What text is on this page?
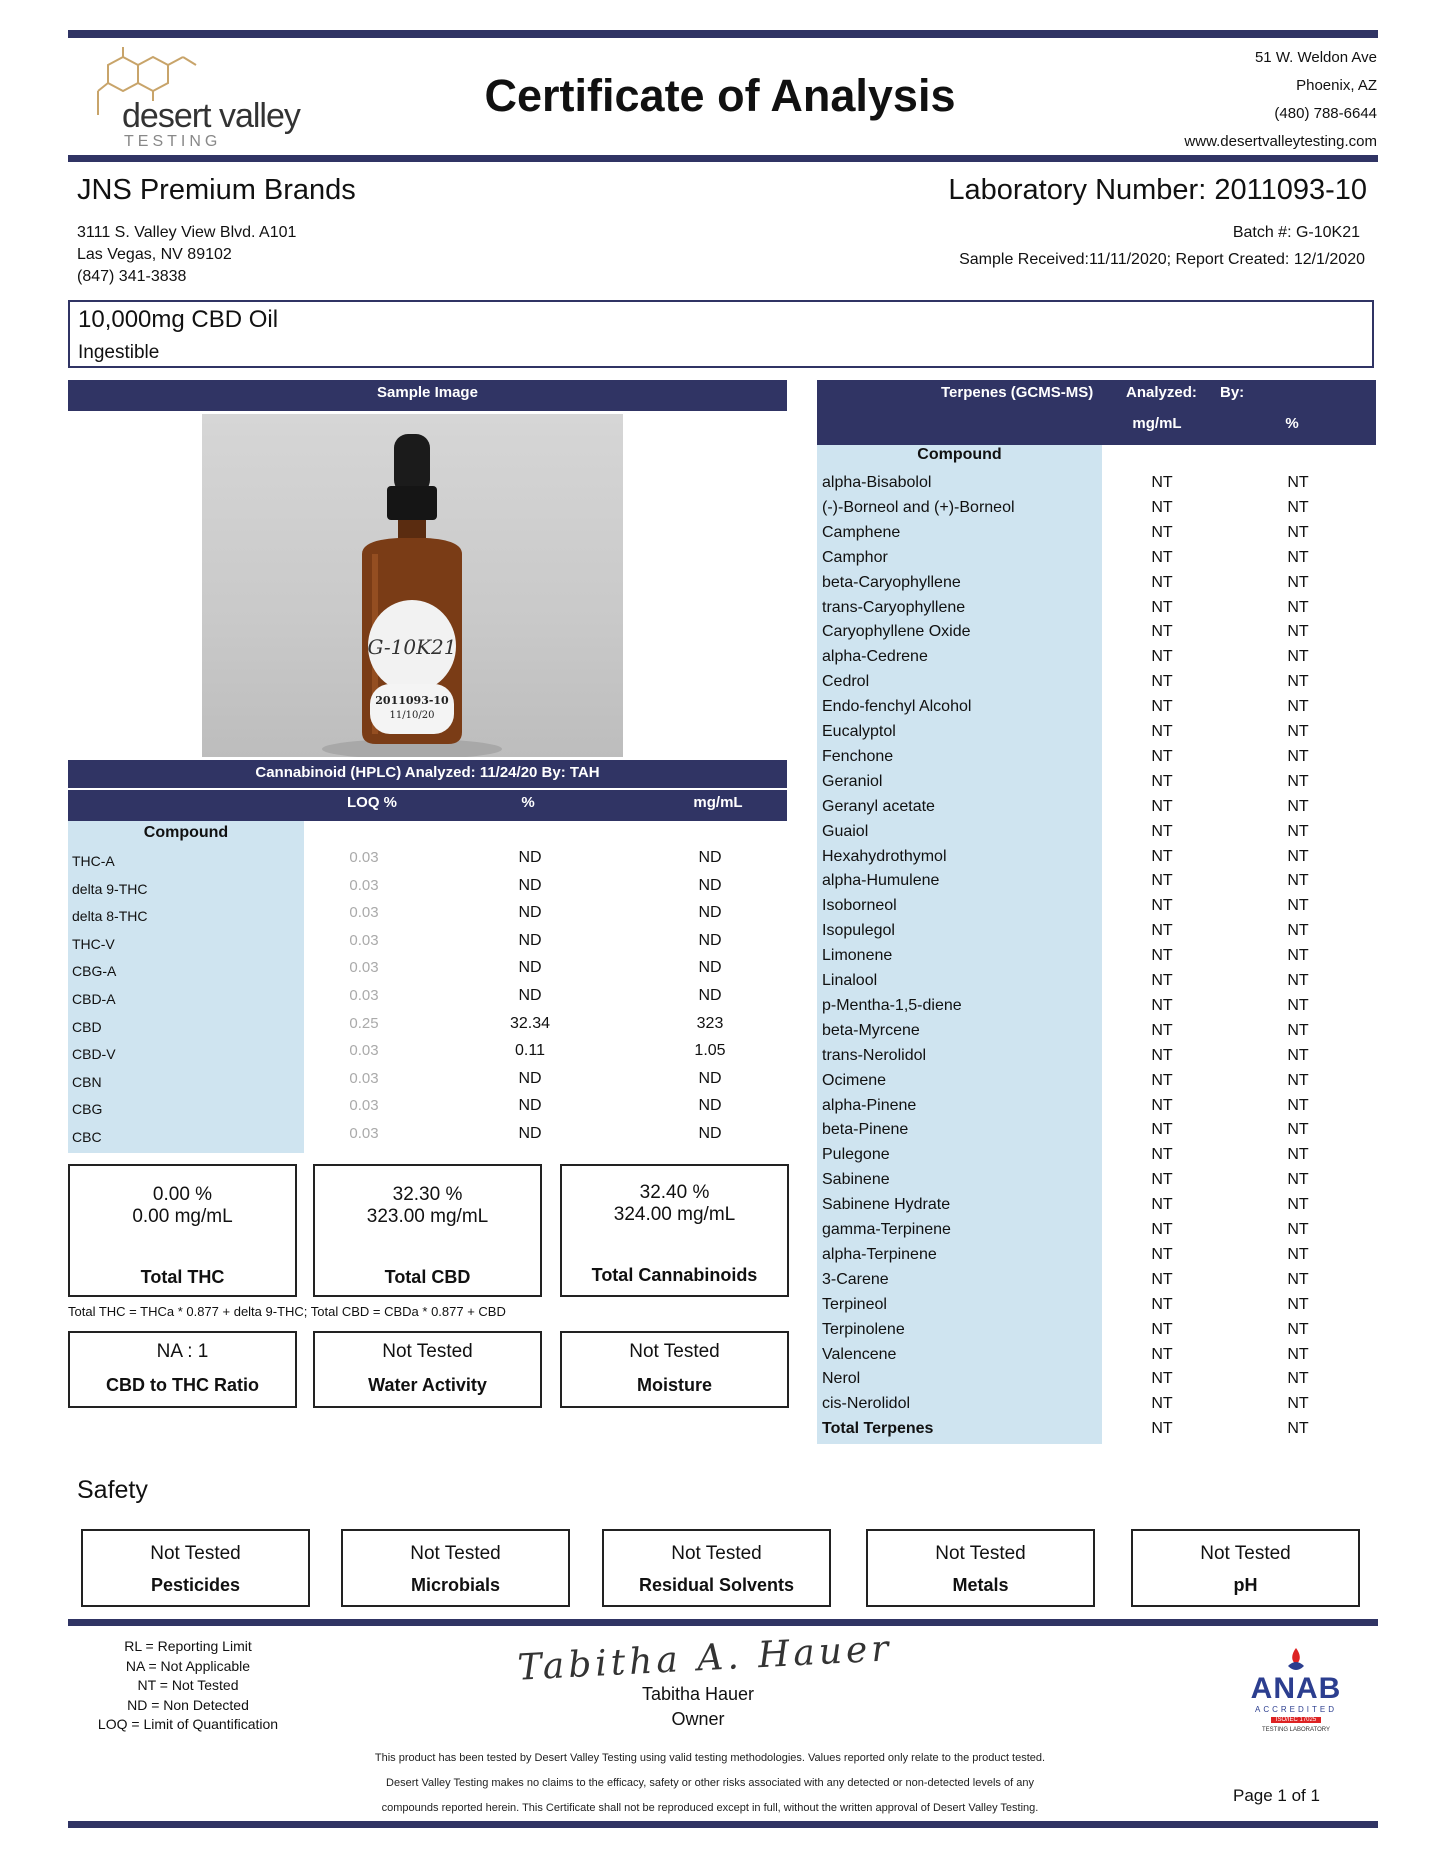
desert valley
TESTING
Certificate of Analysis
51 W. Weldon Ave
Phoenix, AZ
(480) 788-6644
www.desertvalleytesting.com
JNS Premium Brands
3111 S. Valley View Blvd. A101
Las Vegas, NV 89102
(847) 341-3838
Laboratory Number: 2011093-10
Batch #: G-10K21
Sample Received:11/11/2020; Report Created: 12/1/2020
10,000mg CBD Oil
Ingestible
Sample Image
G-10K21
2011093-10
11/10/20
Cannabinoid (HPLC) Analyzed: 11/24/20 By: TAH
LOQ %	%	mg/mL
Compound
THC-A	0.03	ND	ND
delta 9-THC	0.03	ND	ND
delta 8-THC	0.03	ND	ND
THC-V	0.03	ND	ND
CBG-A	0.03	ND	ND
CBD-A	0.03	ND	ND
CBD	0.25	32.34	323
CBD-V	0.03	0.11	1.05
CBN	0.03	ND	ND
CBG	0.03	ND	ND
CBC	0.03	ND	ND
0.00 %
0.00 mg/mL
Total THC
32.30 %
323.00 mg/mL
Total CBD
32.40 %
324.00 mg/mL
Total Cannabinoids
Total THC = THCa * 0.877 + delta 9-THC; Total CBD = CBDa * 0.877 + CBD
NA : 1
CBD to THC Ratio
Not Tested
Water Activity
Not Tested
Moisture
Terpenes (GCMS-MS) Analyzed: By:
mg/mL	%
Compound
alpha-Bisabolol	NT	NT
(-)-Borneol and (+)-Borneol	NT	NT
Camphene	NT	NT
Camphor	NT	NT
beta-Caryophyllene	NT	NT
trans-Caryophyllene	NT	NT
Caryophyllene Oxide	NT	NT
alpha-Cedrene	NT	NT
Cedrol	NT	NT
Endo-fenchyl Alcohol	NT	NT
Eucalyptol	NT	NT
Fenchone	NT	NT
Geraniol	NT	NT
Geranyl acetate	NT	NT
Guaiol	NT	NT
Hexahydrothymol	NT	NT
alpha-Humulene	NT	NT
Isoborneol	NT	NT
Isopulegol	NT	NT
Limonene	NT	NT
Linalool	NT	NT
p-Mentha-1,5-diene	NT	NT
beta-Myrcene	NT	NT
trans-Nerolidol	NT	NT
Ocimene	NT	NT
alpha-Pinene	NT	NT
beta-Pinene	NT	NT
Pulegone	NT	NT
Sabinene	NT	NT
Sabinene Hydrate	NT	NT
gamma-Terpinene	NT	NT
alpha-Terpinene	NT	NT
3-Carene	NT	NT
Terpineol	NT	NT
Terpinolene	NT	NT
Valencene	NT	NT
Nerol	NT	NT
cis-Nerolidol	NT	NT
Total Terpenes	NT	NT
Safety
Not Tested
Pesticides
Not Tested
Microbials
Not Tested
Residual Solvents
Not Tested
Metals
Not Tested
pH
RL = Reporting Limit
NA = Not Applicable
NT = Not Tested
ND = Non Detected
LOQ = Limit of Quantification
Tabitha A. Hauer
Tabitha Hauer
Owner
ANAB
ACCREDITED
ISO/IEC 17025
TESTING LABORATORY
This product has been tested by Desert Valley Testing using valid testing methodologies. Values reported only relate to the product tested.
Desert Valley Testing makes no claims to the efficacy, safety or other risks associated with any detected or non-detected levels of any
compounds reported herein. This Certificate shall not be reproduced except in full, without the written approval of Desert Valley Testing.
Page 1 of 1
